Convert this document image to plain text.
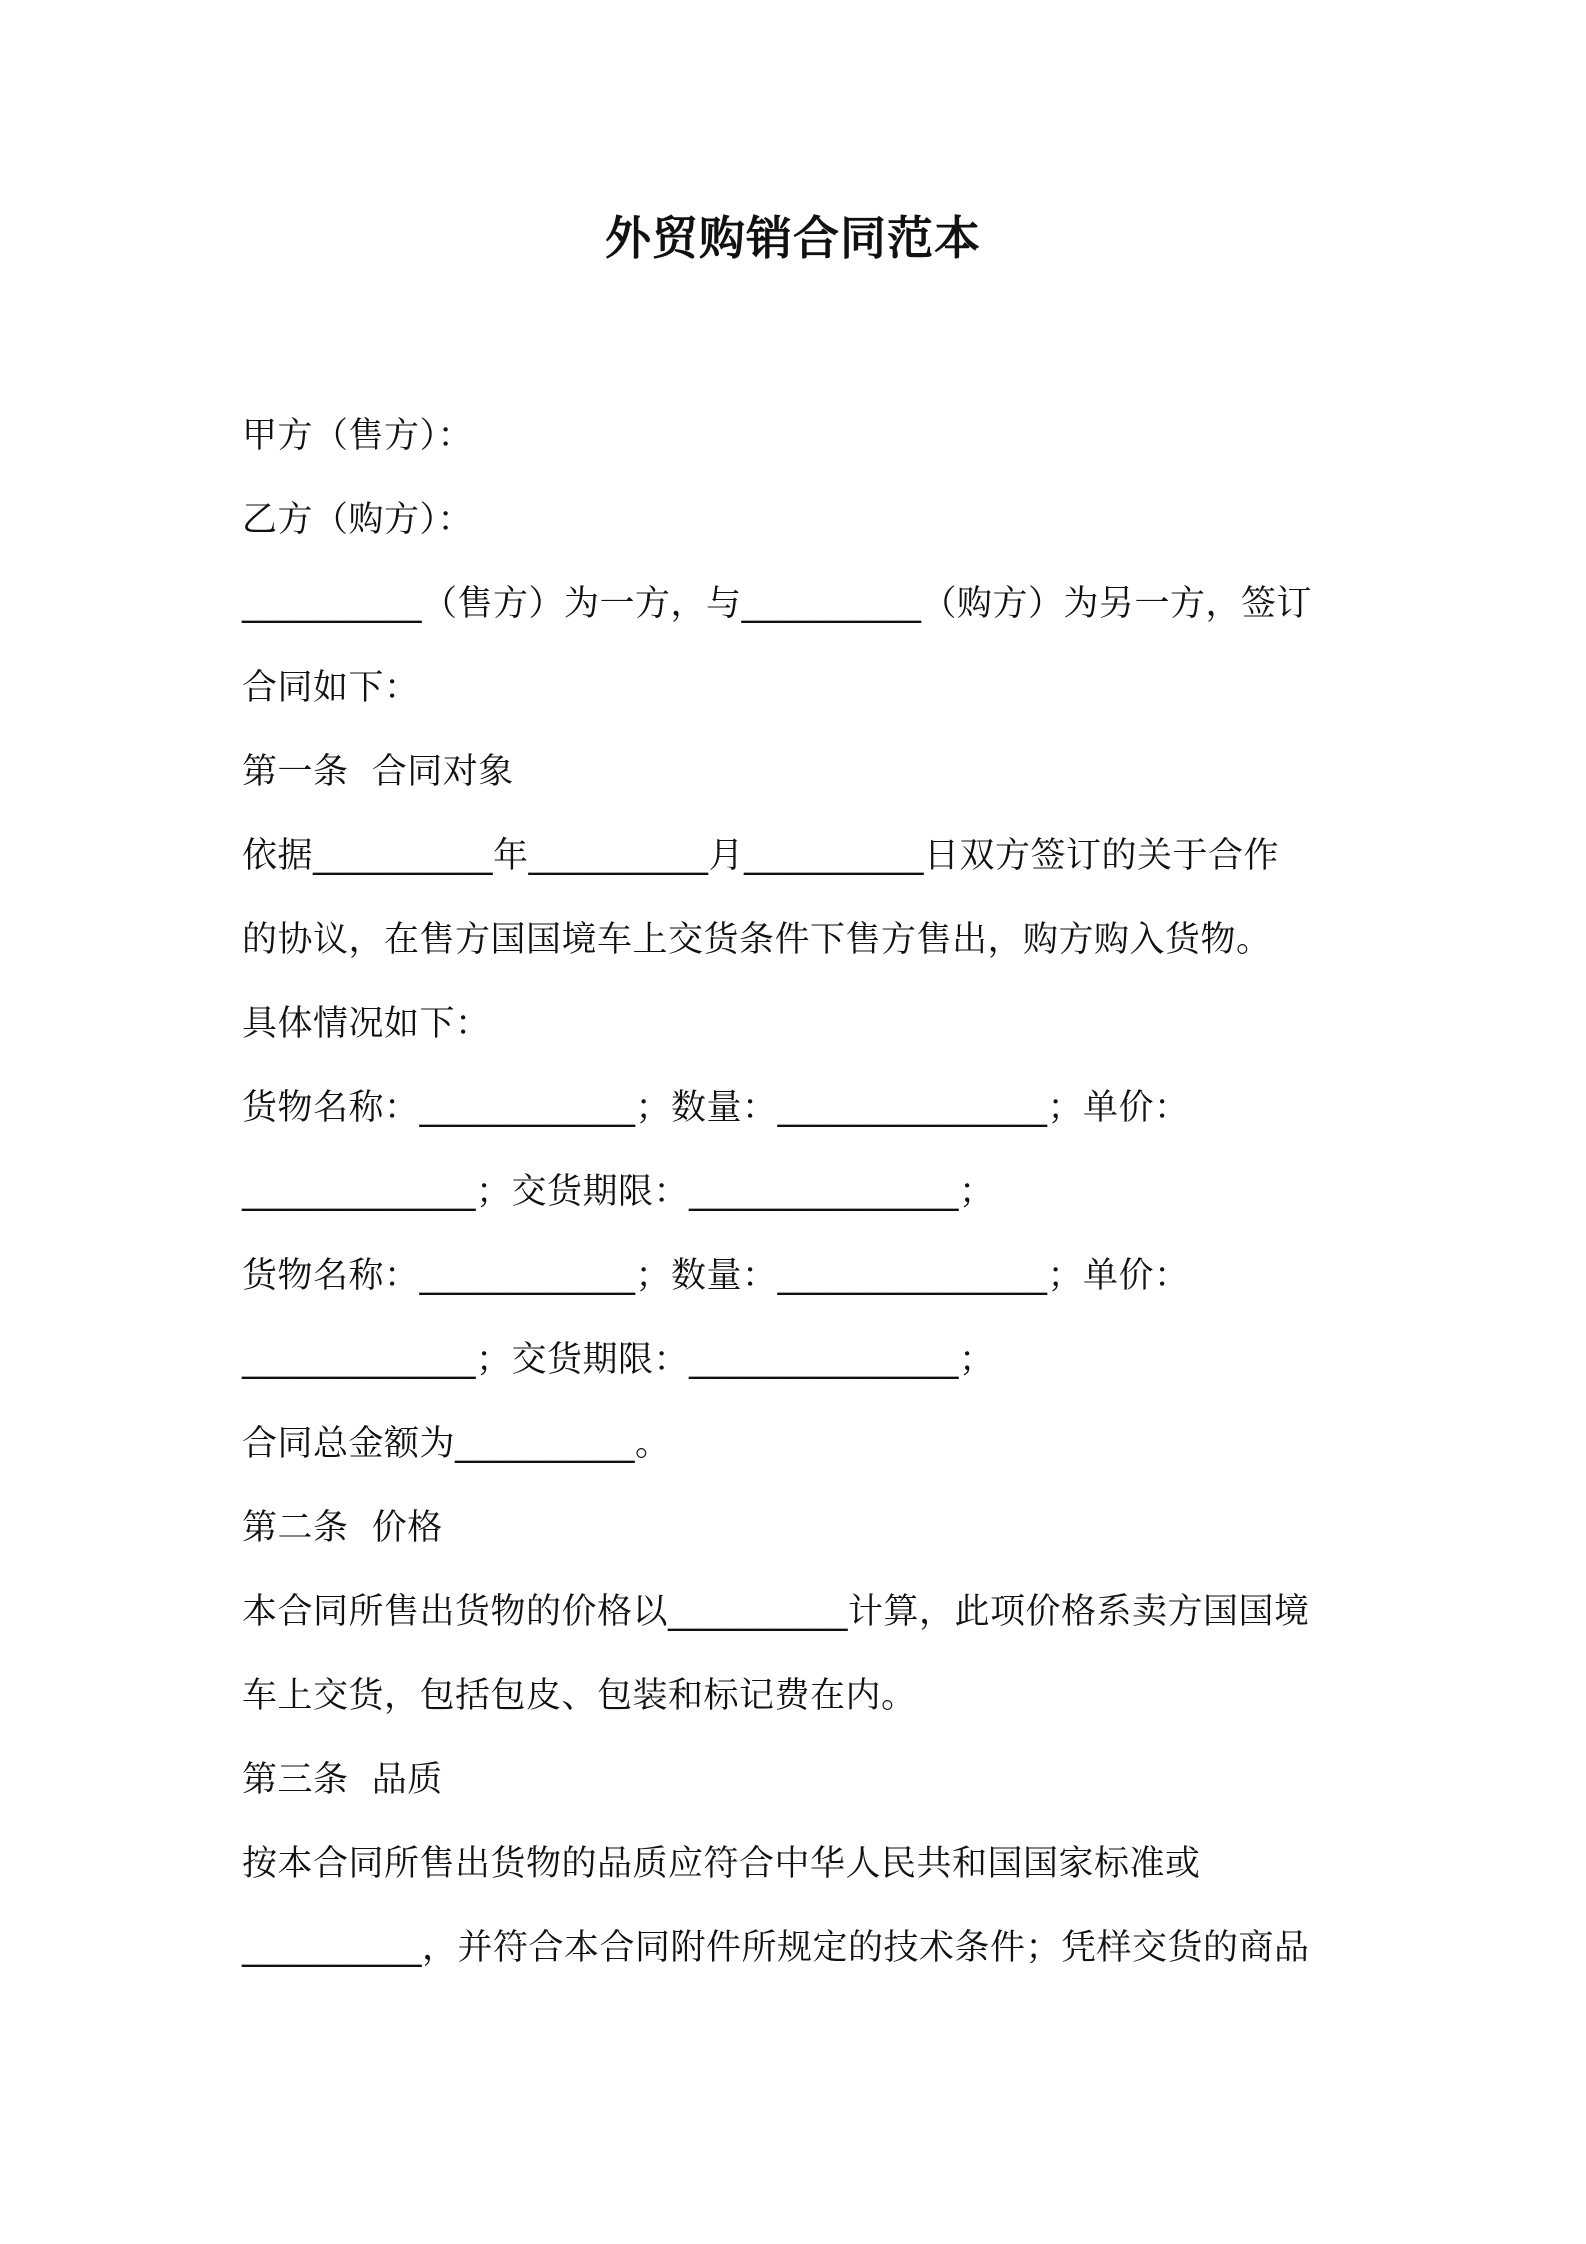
外贸购销合同范本
甲方（售方）：
乙方（购方）：
__________（售方）为一方，与__________（购方）为另一方，签订
合同如下：
第一条  合同对象
依据__________年__________月__________日双方签订的关于合作
的协议，在售方国国境车上交货条件下售方售出，购方购入货物。
具体情况如下：
货物名称：____________；数量：_______________；单价：
_____________；交货期限：_______________；
货物名称：____________；数量：_______________；单价：
_____________；交货期限：_______________；
合同总金额为__________。
第二条  价格
本合同所售出货物的价格以__________计算，此项价格系卖方国国境
车上交货，包括包皮、包装和标记费在内。
第三条  品质
按本合同所售出货物的品质应符合中华人民共和国国家标准或
__________，并符合本合同附件所规定的技术条件；凭样交货的商品
